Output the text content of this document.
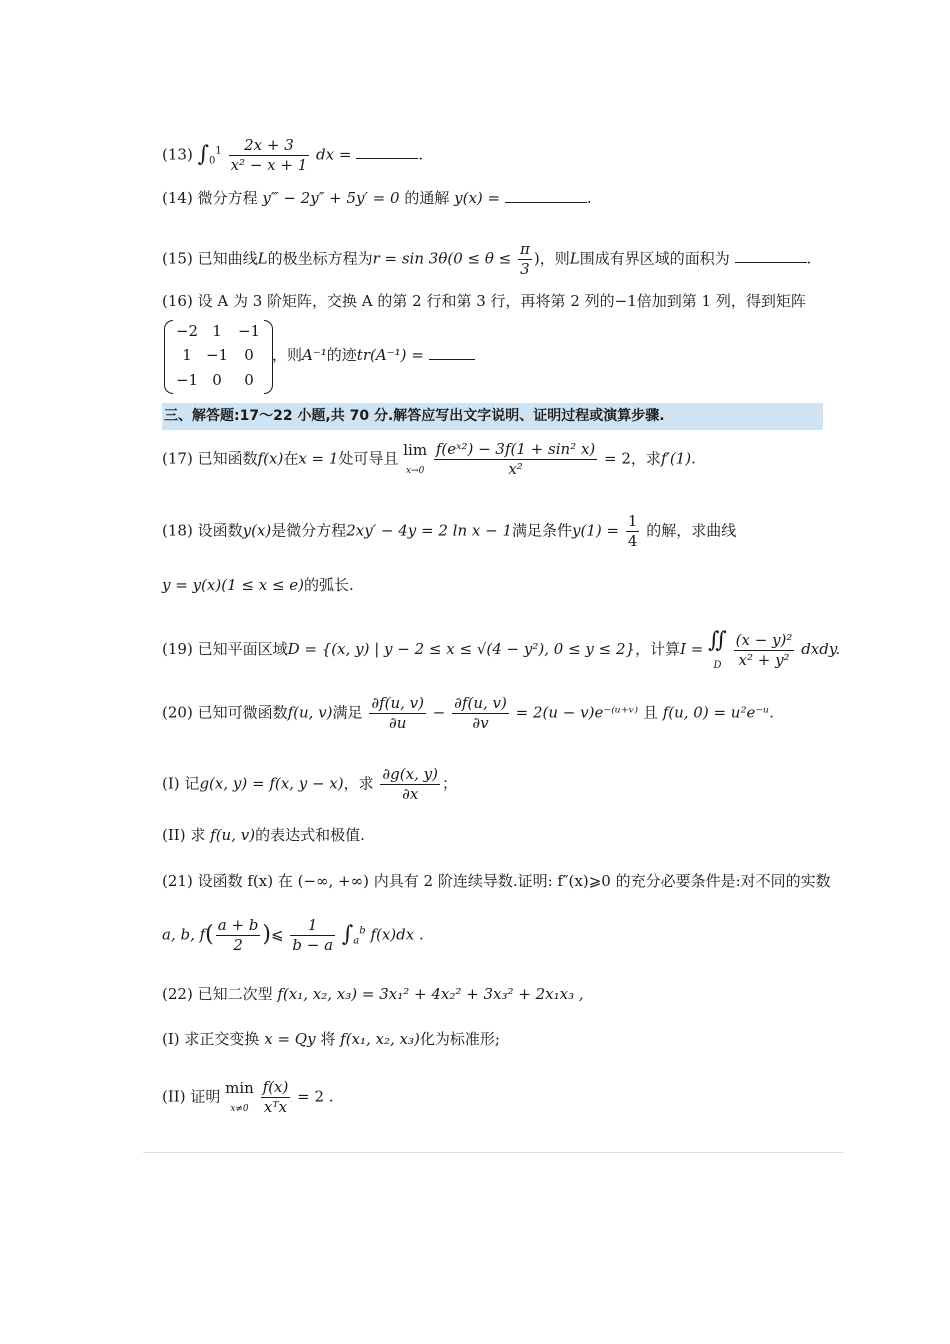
(13) $\int_0^1 \frac{2x + 3}{\text{x² − x + 1}}$ dx =	.
(14) 微分方程 y‴ − 2y″ + 5y′ = 0 的通解 y(x) =	.
(15) 已知曲线L的极坐标方程为$r = \sin 3\theta(0 \le \theta \le \frac{\pi}{3}$ )，则L围成有界区域的面积为	.
(16) 设 A 为 3 阶矩阵，交换 A 的第 2 行和第 3 行，再将第 2 列的−1倍加到第 1 列，得到矩阵
−2 1	−1
1 −1	0
−1 0	0
，则A⁻¹的迹tr(A⁻¹) =
三、解答题:17～22 小题,共 70 分.解答应写出文字说明、证明过程或演算步骤.
(17) 已知函数f(x)在x = 1处可导且 lim
$x\to 0 \frac{\text{f(eˣ²) − 3f(1 + sin² x)}}{\text{x²}} = 2$，求f′(1).
(18) 设函数y(x)是微分方程2xy′ − 4y = 2 ln x − 1满足条件$y(1) = \frac{1}{4}$ 的解，求曲线
y = y(x)(1 ≤ x ≤ e)的弧长.
(19) 已知平面区域D = {(x, y) | y − 2 ≤ x ≤ √(4 − y²), 0 ≤ y ≤ 2}，计算I = ∬
D $\frac{\text{(x − y)²}}{\text{x² + y²}}$ dxdy.
(20) 已知可微函数f(u, v)满足 $\frac{\partial f(u, v)}{\partial u} - \frac{\partial f(u, v)}{\partial v} = 2(u$ − v)e⁻⁽ᵘ⁺ᵛ⁾ 且 f(u, 0) = u²e⁻ᵘ.
(I) 记g(x, y) = f(x, y − x)，求 $\frac{\partial g(x, y)}{\partial x}$ ；
(II) 求 f(u, v)的表达式和极值.
(21) 设函数 f(x) 在 (−∞, +∞) 内具有 2 阶连续导数.证明: f″(x)⩾0 的充分必要条件是:对不同的实数
a, b, $f( \frac{a + b}{2}$ )⩽ $\frac{1}{b - a} \int_a^b$ f(x)dx .
(22) 已知二次型 f(x₁, x₂, x₃) = 3x₁² + 4x₂² + 3x₃² + 2x₁x₃ ,
(I) 求正交变换 x = Qy 将 f(x₁, x₂, x₃)化为标准形;
(II) 证明 min
$x\ne 0 \frac{f(x)}{\text{xᵀx}} = 2$ .
